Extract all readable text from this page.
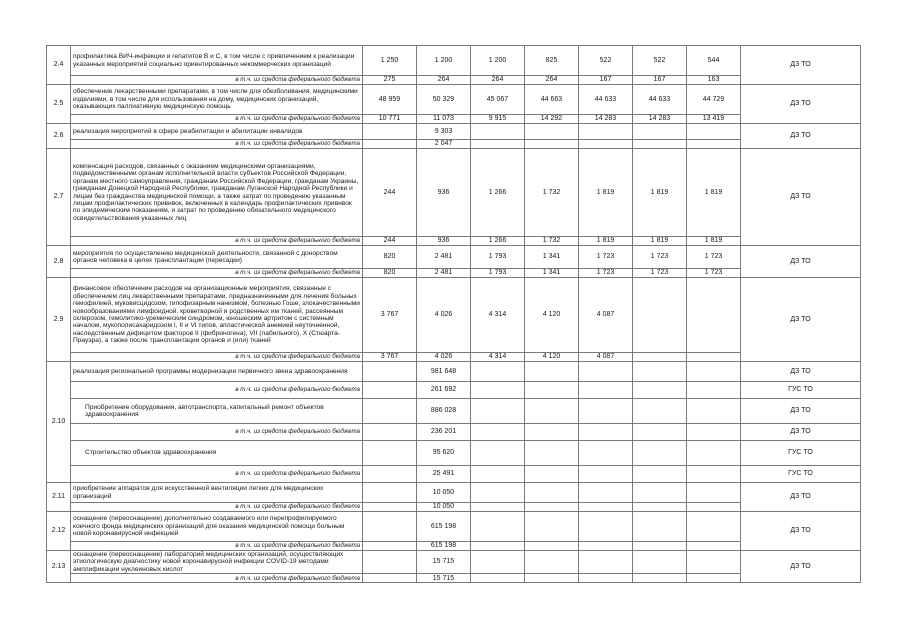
2.4	профилактика ВИЧ-инфекции и гепатитов В и С, в том числе с привлечением к реализации указанных мероприятий социально ориентированных некоммерческих организаций	1 250	1 200	1 200	825	522	522	544	ДЗ ТО
	в т.ч. из средств федерального бюджета	275	264	264	264	167	167	163	
2.5	обеспечение лекарственными препаратами, в том числе для обезболивания, медицинскими изделиями, в том числе для использования на дому, медицинских организаций, оказывающих паллиативную медицинскую помощь	48 959	50 329	45 067	44 663	44 633	44 633	44 729	ДЗ ТО
	в т.ч. из средств федерального бюджета	10 771	11 073	9 915	14 292	14 283	14 283	13 419	
2.6	реализация мероприятий в сфере реабилитации и абилитации инвалидов		9 303						ДЗ ТО
	в т.ч. из средств федерального бюджета		2 047						
2.7	компенсация расходов, связанных с оказанием медицинскими организациями, подведомственными органам исполнительной власти субъектов Российской Федерации, органам местного самоуправления, гражданам Российской Федерации, гражданам Украины, гражданам Донецкой Народной Республики, гражданам Луганской Народной Республики и лицам без гражданства медицинской помощи, а также затрат по проведению указанным лицам профилактических прививок, включенных в календарь профилактических прививок по эпидемическим показаниям, и затрат по проведению обязательного медицинского освидетельствования указанных лиц	244	936	1 266	1 732	1 819	1 819	1 819	ДЗ ТО
	в т.ч. из средств федерального бюджета	244	936	1 266	1 732	1 819	1 819	1 819	
2.8	мероприятия по осуществлению медицинской деятельности, связанной с донорством органов человека в целях трансплантации (пересадки)	820	2 481	1 793	1 341	1 723	1 723	1 723	ДЗ ТО
	в т.ч. из средств федерального бюджета	820	2 481	1 793	1 341	1 723	1 723	1 723	
2.9	финансовое обеспечение расходов на организационные мероприятия, связанные с обеспечением лиц лекарственными препаратами, предназначенными для лечения больных гемофилией, муковисцидозом, гипофизарным нанизмом, болезнью Гоше, злокачественными новообразованиями лимфоидной, кроветворной и родственных им тканей, рассеянным склерозом, гемолитико-уремическим синдромом, юношеским артритом с системным началом, мукополисахаридозом I, II и VI типов, апластической анемией неуточненной, наследственным дефицитом факторов II (фибриногена), VII (лабильного), X (Стюарта-Прауэра), а также после трансплантации органов и (или) тканей	3 767	4 026	4 314	4 120	4 087			ДЗ ТО
	в т.ч. из средств федерального бюджета	3 767	4 026	4 314	4 120	4 087			
2.10	реализация региональной программы модернизации первичного звена здравоохранения		981 648						ДЗ ТО
	в т.ч. из средств федерального бюджета		261 692						ГУС ТО
	Приобретение оборудования, автотранспорта, капитальный ремонт объектов здравоохранения		886 028						ДЗ ТО
	в т.ч. из средств федерального бюджета		236 201						ДЗ ТО
	Строительство объектов здравоохранения		95 620						ГУС ТО
	в т.ч. из средств федерального бюджета		25 491						ГУС ТО
2.11	приобретение аппаратов для искусственной вентиляции легких для медицинских организаций		10 050						ДЗ ТО
	в т.ч. из средств федерального бюджета		10 050						
2.12	оснащение (переоснащение) дополнительно создаваемого или перепрофилируемого коечного фонда медицинских организаций для оказания медицинской помощи больным новой коронавирусной инфекцией		615 198						ДЗ ТО
	в т.ч. из средств федерального бюджета		615 198						
2.13	оснащение (переоснащение) лабораторий медицинских организаций, осуществляющих этиологическую диагностику новой коронавирусной инфекции COVID-19 методами амплификации нуклеиновых кислот		15 715						ДЗ ТО
	в т.ч. из средств федерального бюджета		15 715						
